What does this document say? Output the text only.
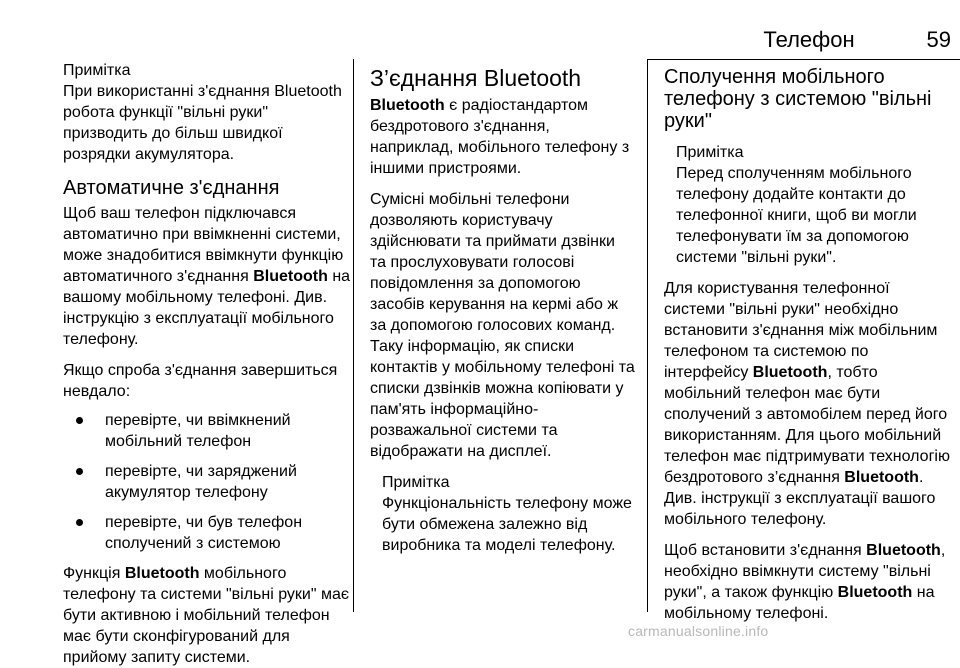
Телефон	59

Примітка

При використанні з'єднання Bluetooth робота функції "вільні руки" призводить до більш швидкої розрядки акумулятора.

Автоматичне з'єднання

Щоб ваш телефон підключався автоматично при ввімкненні системи, може знадобитися ввімкнути функцію автоматичного з'єднання Bluetooth на вашому мобільному телефоні. Див. інструкцію з експлуатації мобільного телефону.

Якщо спроба з'єднання завершиться невдало:

перевірте, чи ввімкнений мобільний телефон
перевірте, чи заряджений акумулятор телефону
перевірте, чи був телефон сполучений з системою

Функція Bluetooth мобільного телефону та системи "вільні руки" має бути активною і мобільний телефон має бути сконфігурований для прийому запиту системи.

З’єднання Bluetooth

Bluetooth є радіостандартом бездротового з'єднання, наприклад, мобільного телефону з іншими пристроями.

Сумісні мобільні телефони дозволяють користувачу здійснювати та приймати дзвінки та прослуховувати голосові повідомлення за допомогою засобів керування на кермі або ж за допомогою голосових команд. Таку інформацію, як списки контактів у мобільному телефоні та списки дзвінків можна копіювати у пам'ять інформаційно-розважальної системи та відображати на дисплеї.

Примітка

Функціональність телефону може бути обмежена залежно від виробника та моделі телефону.

Сполучення мобільного телефону з системою "вільні руки"

Примітка

Перед сполученням мобільного телефону додайте контакти до телефонної книги, щоб ви могли телефонувати їм за допомогою системи "вільні руки".

Для користування телефонної системи "вільні руки" необхідно встановити з'єднання між мобільним телефоном та системою по інтерфейсу Bluetooth, тобто мобільний телефон має бути сполучений з автомобілем перед його використанням. Для цього мобільний телефон має підтримувати технологію бездротового з’єднання Bluetooth. Див. інструкції з експлуатації вашого мобільного телефону.

Щоб встановити з'єднання Bluetooth, необхідно ввімкнути систему "вільні руки", а також функцію Bluetooth на мобільному телефоні.

carmanualsonline.info
